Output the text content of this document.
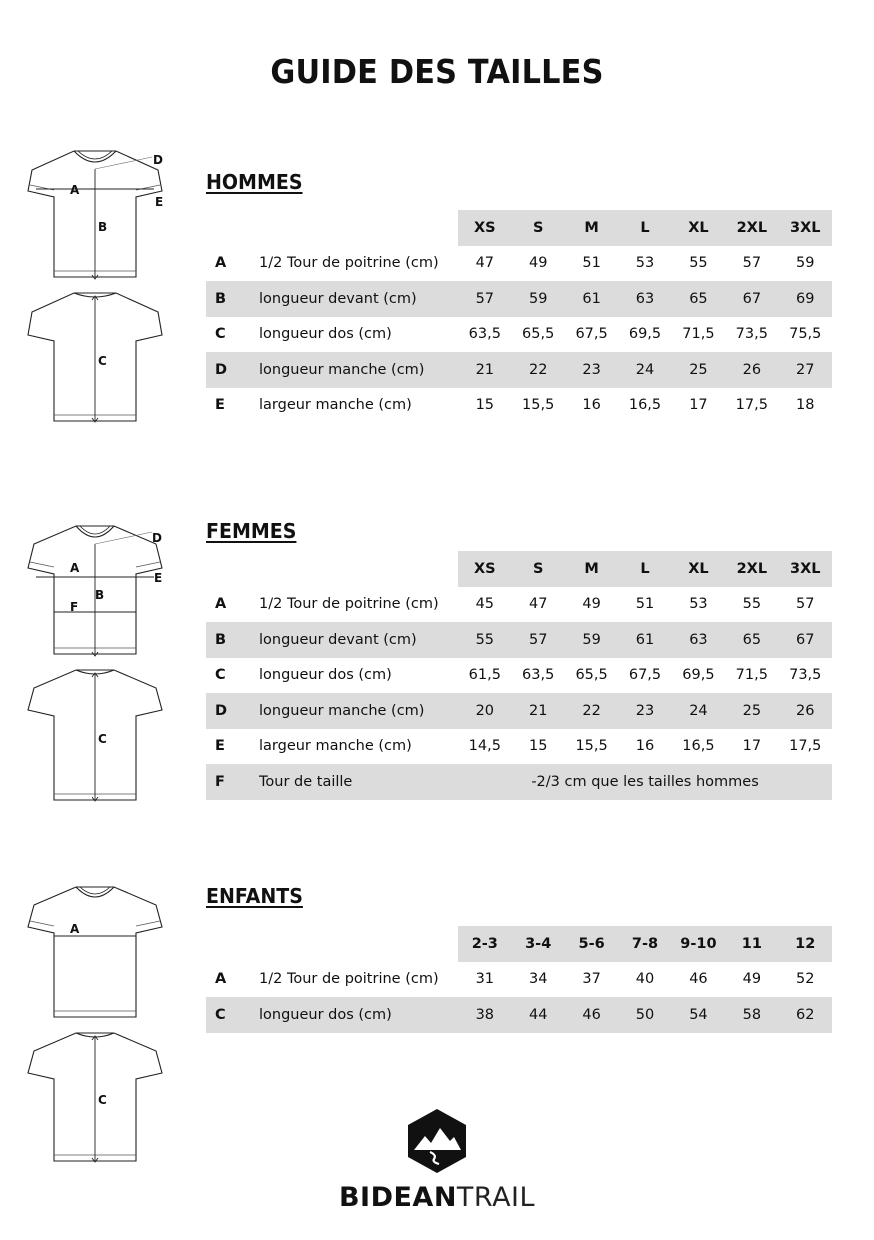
GUIDE DES TAILLES
HOMMES
A
B
D
E
C
		XS	S	M	L	XL	2XL	3XL
A	1/2 Tour de poitrine (cm)	47	49	51	53	55	57	59
B	longueur devant (cm)	57	59	61	63	65	67	69
C	longueur dos (cm)	63,5	65,5	67,5	69,5	71,5	73,5	75,5
D	longueur manche (cm)	21	22	23	24	25	26	27
E	largeur manche (cm)	15	15,5	16	16,5	17	17,5	18
FEMMES
A
B
F
D
E
C
		XS	S	M	L	XL	2XL	3XL
A	1/2 Tour de poitrine (cm)	45	47	49	51	53	55	57
B	longueur devant (cm)	55	57	59	61	63	65	67
C	longueur dos (cm)	61,5	63,5	65,5	67,5	69,5	71,5	73,5
D	longueur manche (cm)	20	21	22	23	24	25	26
E	largeur manche (cm)	14,5	15	15,5	16	16,5	17	17,5
F	Tour de taille	-2/3 cm que les tailles hommes						
ENFANTS
A
C
		2-3	3-4	5-6	7-8	9-10	11	12
A	1/2 Tour de poitrine (cm)	31	34	37	40	46	49	52
C	longueur dos (cm)	38	44	46	50	54	58	62
BIDEANTRAIL
